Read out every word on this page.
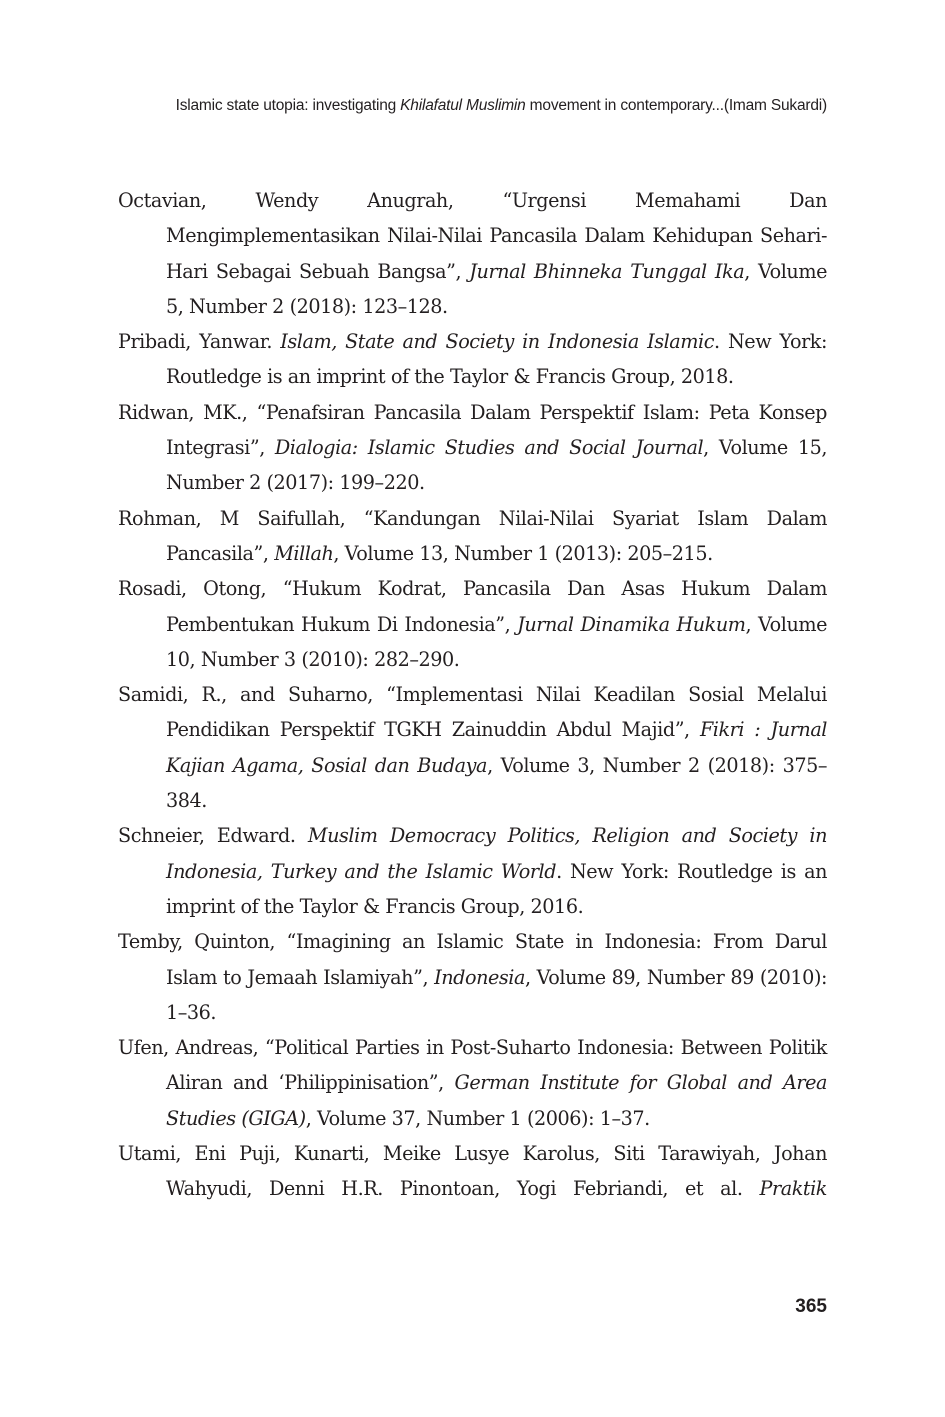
Islamic state utopia: investigating Khilafatul Muslimin movement in contemporary...(Imam Sukardi)

Octavian, Wendy Anugrah, “Urgensi Memahami Dan Mengimplementasikan Nilai-Nilai Pancasila Dalam Kehidupan Sehari-Hari Sebagai Sebuah Bangsa”, Jurnal Bhinneka Tunggal Ika, Volume 5, Number 2 (2018): 123–128.

Pribadi, Yanwar. Islam, State and Society in Indonesia Islamic. New York: Routledge is an imprint of the Taylor & Francis Group, 2018.

Ridwan, MK., “Penafsiran Pancasila Dalam Perspektif Islam: Peta Konsep Integrasi”, Dialogia: Islamic Studies and Social Journal, Volume 15, Number 2 (2017): 199–220.

Rohman, M Saifullah, “Kandungan Nilai-Nilai Syariat Islam Dalam Pancasila”, Millah, Volume 13, Number 1 (2013): 205–215.

Rosadi, Otong, “Hukum Kodrat, Pancasila Dan Asas Hukum Dalam Pembentukan Hukum Di Indonesia”, Jurnal Dinamika Hukum, Volume 10, Number 3 (2010): 282–290.

Samidi, R., and Suharno, “Implementasi Nilai Keadilan Sosial Melalui Pendidikan Perspektif TGKH Zainuddin Abdul Majid”, Fikri : Jurnal Kajian Agama, Sosial dan Budaya, Volume 3, Number 2 (2018): 375–384.

Schneier, Edward. Muslim Democracy Politics, Religion and Society in Indonesia, Turkey and the Islamic World. New York: Routledge is an imprint of the Taylor & Francis Group, 2016.

Temby, Quinton, “Imagining an Islamic State in Indonesia: From Darul Islam to Jemaah Islamiyah”, Indonesia, Volume 89, Number 89 (2010): 1–36.

Ufen, Andreas, “Political Parties in Post-Suharto Indonesia: Between Politik Aliran and ‘Philippinisation”, German Institute for Global and Area Studies (GIGA), Volume 37, Number 1 (2006): 1–37.

Utami, Eni Puji, Kunarti, Meike Lusye Karolus, Siti Tarawiyah, Johan Wahyudi, Denni H.R. Pinontoan, Yogi Febriandi, et al. Praktik

365
